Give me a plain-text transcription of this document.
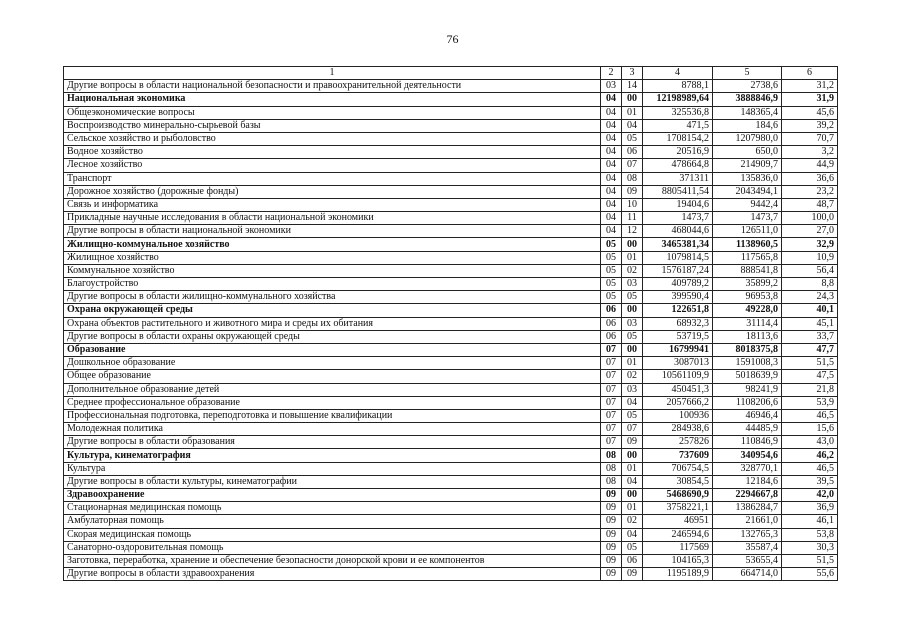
76
1	2	3	4	5	6
Другие вопросы в области национальной безопасности и правоохранительной деятельности	03	14	8788,1	2738,6	31,2
Национальная экономика	04	00	12198989,64	3888846,9	31,9
Общеэкономические вопросы	04	01	325536,8	148365,4	45,6
Воспроизводство минерально-сырьевой базы	04	04	471,5	184,6	39,2
Сельское хозяйство и рыболовство	04	05	1708154,2	1207980,0	70,7
Водное хозяйство	04	06	20516,9	650,0	3,2
Лесное хозяйство	04	07	478664,8	214909,7	44,9
Транспорт	04	08	371311	135836,0	36,6
Дорожное хозяйство (дорожные фонды)	04	09	8805411,54	2043494,1	23,2
Связь и информатика	04	10	19404,6	9442,4	48,7
Прикладные научные исследования в области национальной экономики	04	11	1473,7	1473,7	100,0
Другие вопросы в области национальной экономики	04	12	468044,6	126511,0	27,0
Жилищно-коммунальное хозяйство	05	00	3465381,34	1138960,5	32,9
Жилищное хозяйство	05	01	1079814,5	117565,8	10,9
Коммунальное хозяйство	05	02	1576187,24	888541,8	56,4
Благоустройство	05	03	409789,2	35899,2	8,8
Другие вопросы в области жилищно-коммунального хозяйства	05	05	399590,4	96953,8	24,3
Охрана окружающей среды	06	00	122651,8	49228,0	40,1
Охрана объектов растительного и животного мира и среды их обитания	06	03	68932,3	31114,4	45,1
Другие вопросы в области охраны окружающей среды	06	05	53719,5	18113,6	33,7
Образование	07	00	16799941	8018375,8	47,7
Дошкольное образование	07	01	3087013	1591008,3	51,5
Общее образование	07	02	10561109,9	5018639,9	47,5
Дополнительное образование детей	07	03	450451,3	98241,9	21,8
Среднее профессиональное образование	07	04	2057666,2	1108206,6	53,9
Профессиональная подготовка, переподготовка и повышение квалификации	07	05	100936	46946,4	46,5
Молодежная политика	07	07	284938,6	44485,9	15,6
Другие вопросы в области образования	07	09	257826	110846,9	43,0
Культура, кинематография	08	00	737609	340954,6	46,2
Культура	08	01	706754,5	328770,1	46,5
Другие вопросы в области культуры, кинематографии	08	04	30854,5	12184,6	39,5
Здравоохранение	09	00	5468690,9	2294667,8	42,0
Стационарная медицинская помощь	09	01	3758221,1	1386284,7	36,9
Амбулаторная помощь	09	02	46951	21661,0	46,1
Скорая медицинская помощь	09	04	246594,6	132765,3	53,8
Санаторно-оздоровительная помощь	09	05	117569	35587,4	30,3
Заготовка, переработка, хранение и обеспечение безопасности донорской крови и ее компонентов	09	06	104165,3	53655,4	51,5
Другие вопросы в области здравоохранения	09	09	1195189,9	664714,0	55,6
